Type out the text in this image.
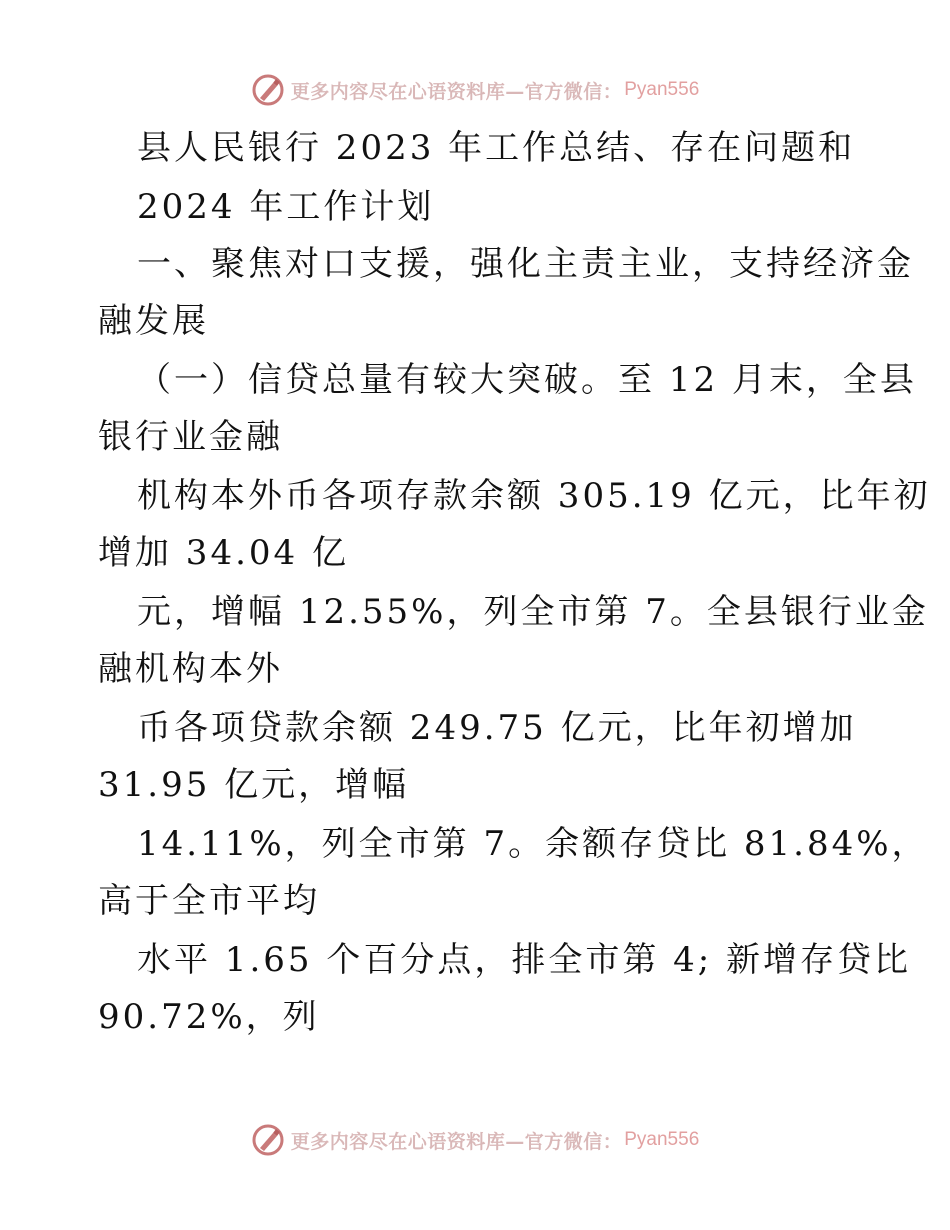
更多内容尽在心语资料库—官方微信： Pyan556
县人民银行 2023 年工作总结、存在问题和
2024 年工作计划
一、聚焦对口支援，强化主责主业，支持经济金
融发展
（一）信贷总量有较大突破。至 12 月末，全县
银行业金融
机构本外币各项存款余额 305.19 亿元，比年初
增加 34.04 亿
元，增幅 12.55%，列全市第 7。全县银行业金
融机构本外
币各项贷款余额 249.75 亿元，比年初增加
31.95 亿元，增幅
14.11%，列全市第 7。余额存贷比 81.84%，
高于全市平均
水平 1.65 个百分点，排全市第 4; 新增存贷比
90.72%，列
更多内容尽在心语资料库—官方微信： Pyan556
